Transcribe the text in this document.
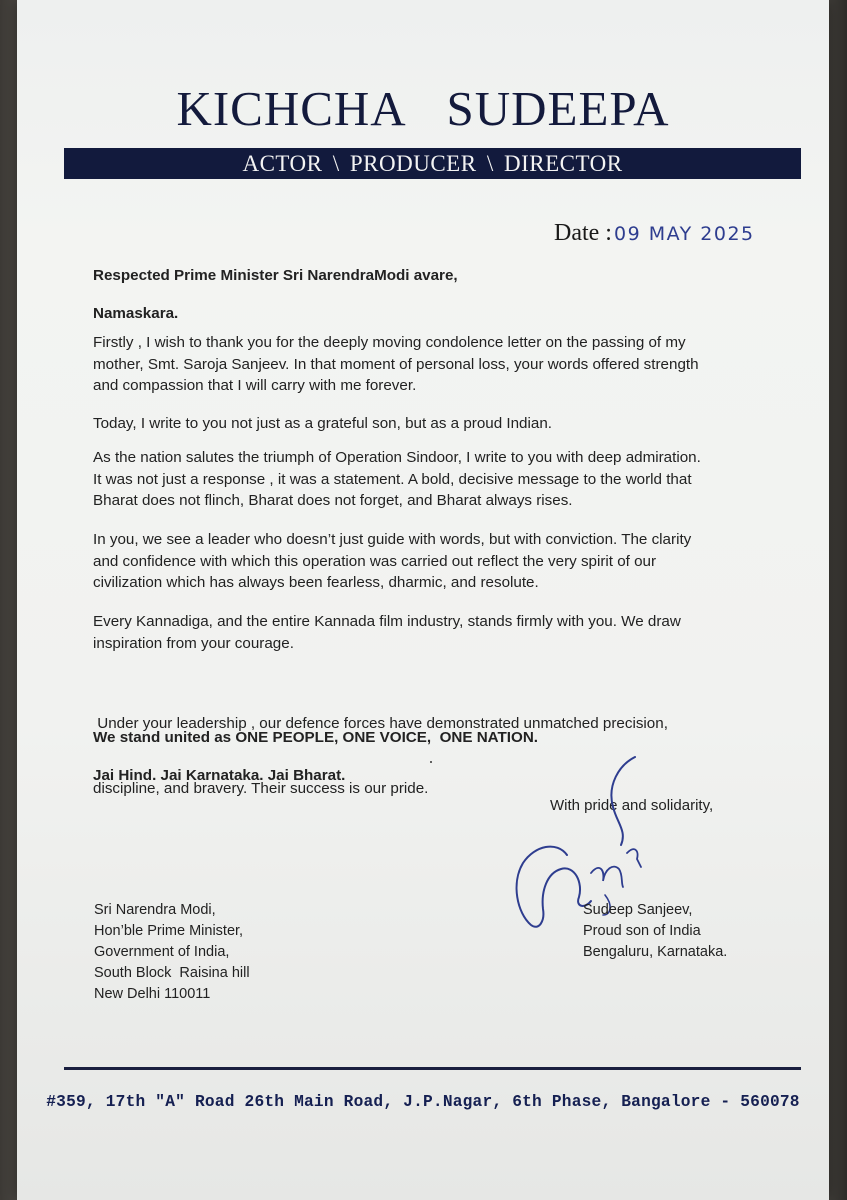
KICHCHA  SUDEEPA
ACTOR \ PRODUCER \ DIRECTOR
Date : 09 MAY 2025
Respected Prime Minister Sri NarendraModi avare,
Namaskara.
Firstly , I wish to thank you for the deeply moving condolence letter on the passing of my
mother, Smt. Saroja Sanjeev. In that moment of personal loss, your words offered strength
and compassion that I will carry with me forever.
Today, I write to you not just as a grateful son, but as a proud Indian.
As the nation salutes the triumph of Operation Sindoor, I write to you with deep admiration.
It was not just a response , it was a statement. A bold, decisive message to the world that
Bharat does not flinch, Bharat does not forget, and Bharat always rises.
In you, we see a leader who doesn’t just guide with words, but with conviction. The clarity
and confidence with which this operation was carried out reflect the very spirit of our
civilization which has always been fearless, dharmic, and resolute.
Every Kannadiga, and the entire Kannada film industry, stands firmly with you. We draw
inspiration from your courage.

Under your leadership , our defence forces have demonstrated unmatched precision,

discipline, and bravery. Their success is our pride.

We stand united as ONE PEOPLE, ONE VOICE,  ONE NATION.
Jai Hind. Jai Karnataka. Jai Bharat.
With pride and solidarity,
Sri Narendra Modi,
Hon’ble Prime Minister,
Government of India,
South Block  Raisina hill
New Delhi 110011
Sudeep Sanjeev,
Proud son of India
Bengaluru, Karnataka.
#359, 17th "A" Road 26th Main Road, J.P.Nagar, 6th Phase, Bangalore - 560078
